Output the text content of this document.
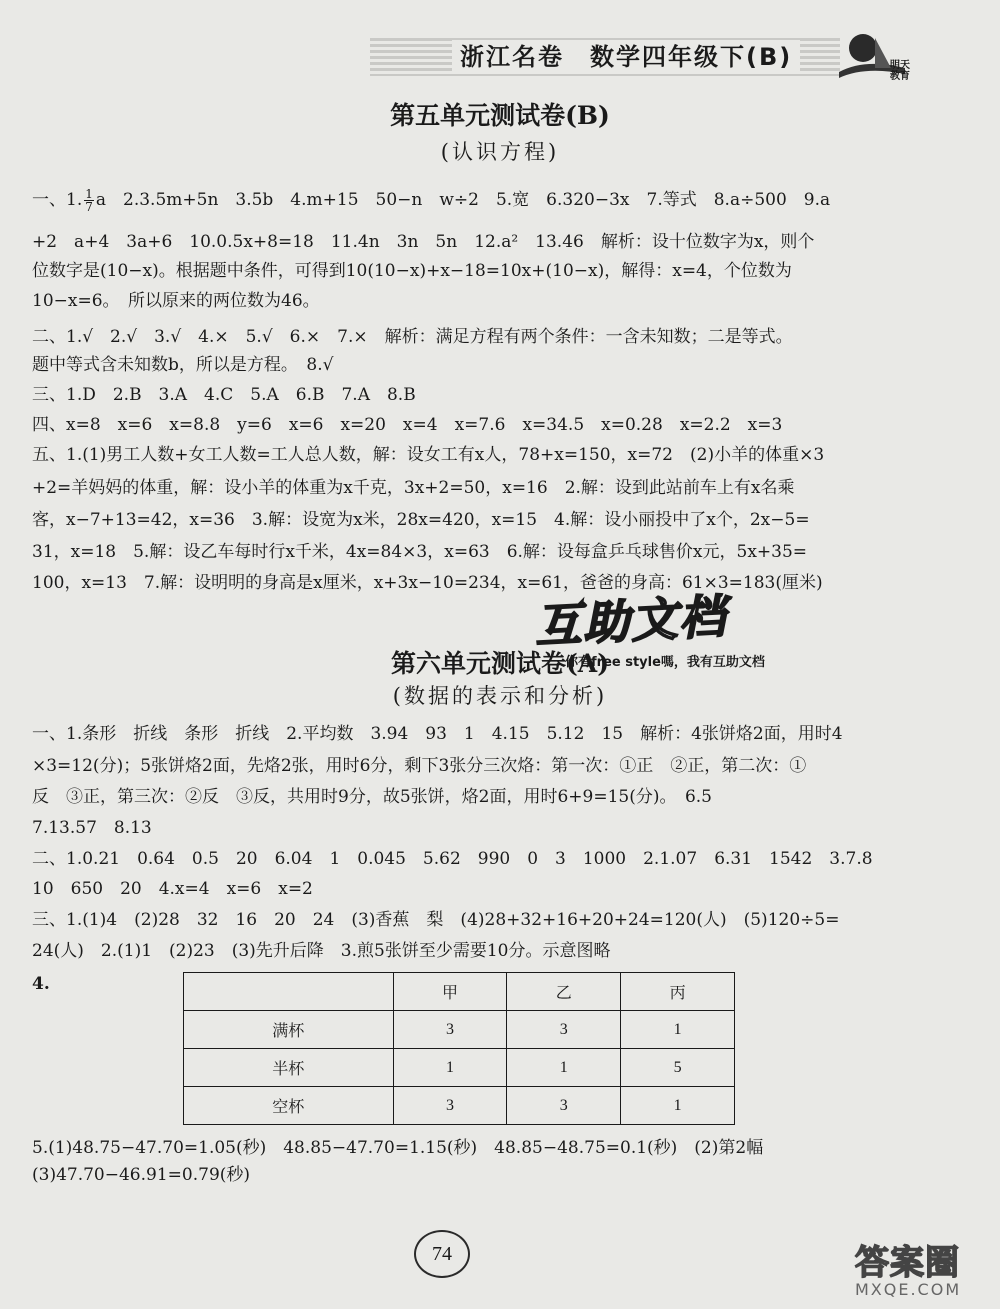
浙江名卷　数学四年级下(B)	明天教育
第五单元测试卷(B)
(认识方程)
一、1. $\frac{1}{7}$ a　2.3.5m+5n　3.5b　4.m+15　50−n　w÷2　5.宽　6.320−3x　7.等式　8.a÷500　9.a
+2　a+4　3a+6　10.0.5x+8=18　11.4n　3n　5n　12.a²　13.46　解析：设十位数字为x，则个
位数字是(10−x)。根据题中条件，可得到10(10−x)+x−18=10x+(10−x)，解得：x=4，个位数为
10−x=6。　所以原来的两位数为46。
二、1.√　2.√　3.√　4.×　5.√　6.×　7.×　解析：满足方程有两个条件：一含未知数；二是等式。
题中等式含未知数b，所以是方程。　8.√
三、1.D　2.B　3.A　4.C　5.A　6.B　7.A　8.B
四、x=8　x=6　x=8.8　y=6　x=6　x=20　x=4　x=7.6　x=34.5　x=0.28　x=2.2　x=3
五、1.(1)男工人数+女工人数=工人总人数，解：设女工有x人，78+x=150，x=72　(2)小羊的体重×3
+2=羊妈妈的体重，解：设小羊的体重为x千克，3x+2=50，x=16　2.解：设到此站前车上有x名乘
客，x−7+13=42，x=36　3.解：设宽为x米，28x=420，x=15　4.解：设小丽投中了x个，2x−5=
31，x=18　5.解：设乙车每时行x千米，4x=84×3，x=63　6.解：设每盒乒乓球售价x元，5x+35=
100，x=13　7.解：设明明的身高是x厘米，x+3x−10=234，x=61，爸爸的身高：61×3=183(厘米)
互助文档
你有free style嗎，我有互助文档
第六单元测试卷(A)
(数据的表示和分析)
一、1.条形　折线　条形　折线　2.平均数　3.94　93　1　4.15　5.12　15　解析：4张饼烙2面，用时4
×3=12(分)；5张饼烙2面，先烙2张，用时6分，剩下3张分三次烙：第一次：①正　②正，第二次：①
反　③正，第三次：②反　③反，共用时9分，故5张饼，烙2面，用时6+9=15(分)。　6.5
7.13.57　8.13
二、1.0.21　0.64　0.5　20　6.04　1　0.045　5.62　990　0　3　1000　2.1.07　6.31　1542　3.7.8
10　650　20　4.x=4　x=6　x=2
三、1.(1)4　(2)28　32　16　20　24　(3)香蕉　梨　(4)28+32+16+20+24=120(人)　(5)120÷5=
24(人)　2.(1)1　(2)23　(3)先升后降　3.煎5张饼至少需要10分。示意图略
4.
		甲	乙	丙
满杯	3	3	1
半杯	1	1	5
空杯	3	3	1
5.(1)48.75−47.70=1.05(秒)　48.85−47.70=1.15(秒)　48.85−48.75=0.1(秒)　(2)第2幅
(3)47.70−46.91=0.79(秒)
74	答案圈
MXQE.COM
